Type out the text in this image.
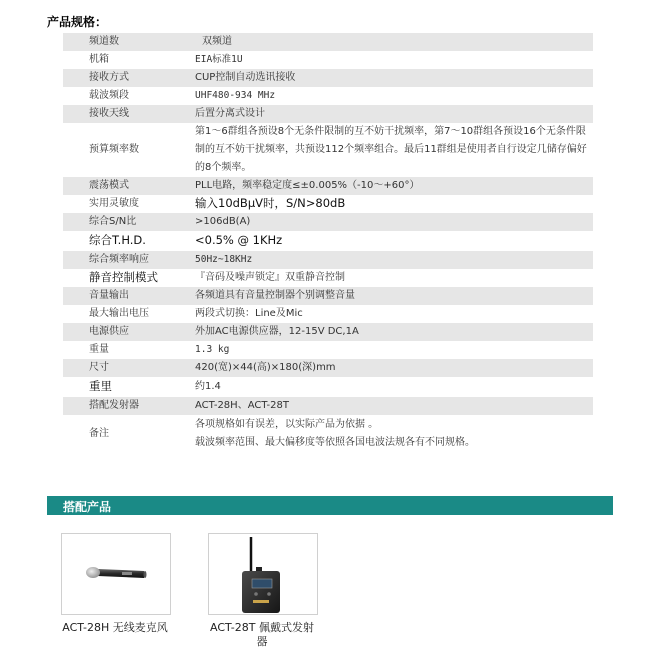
产品规格：
频道数	双频道
机箱	EIA标准1U
接收方式	CUP控制自动选讯接收
载波频段	UHF480-934 MHz
接收天线	后置分离式设计
预算频率数	第1～6群组各预设8个无条件限制的互不妨干扰频率，第7～10群组各预设16个无条件限制的互不妨干扰频率，共预设112个频率组合。最后11群组是使用者自行设定几储存偏好的8个频率。
震荡模式	PLL电路，频率稳定度≤±0.005%（-10～+60°）
实用灵敏度	输入10dBμV时，S/N>80dB
综合S/N比	>106dB(A)
综合T.H.D.	<0.5% @ 1KHz
综合频率响应	50Hz~18KHz
静音控制模式	『音码及噪声锁定』双重静音控制
音量输出	各频道具有音量控制器个别调整音量
最大输出电压	两段式切换：Line及Mic
电源供应	外加AC电源供应器，12-15V DC,1A
重量	1.3 kg
尺寸	420(宽)×44(高)×180(深)mm
重里	约1.4
搭配发射器	ACT-28H、ACT-28T
备注	各项规格如有误差，以实际产品为依据 。
载波频率范围、最大偏移度等依照各国电波法规各有不同规格。
搭配产品
ACT-28H 无线麦克风	ACT-28T 佩戴式发射器
